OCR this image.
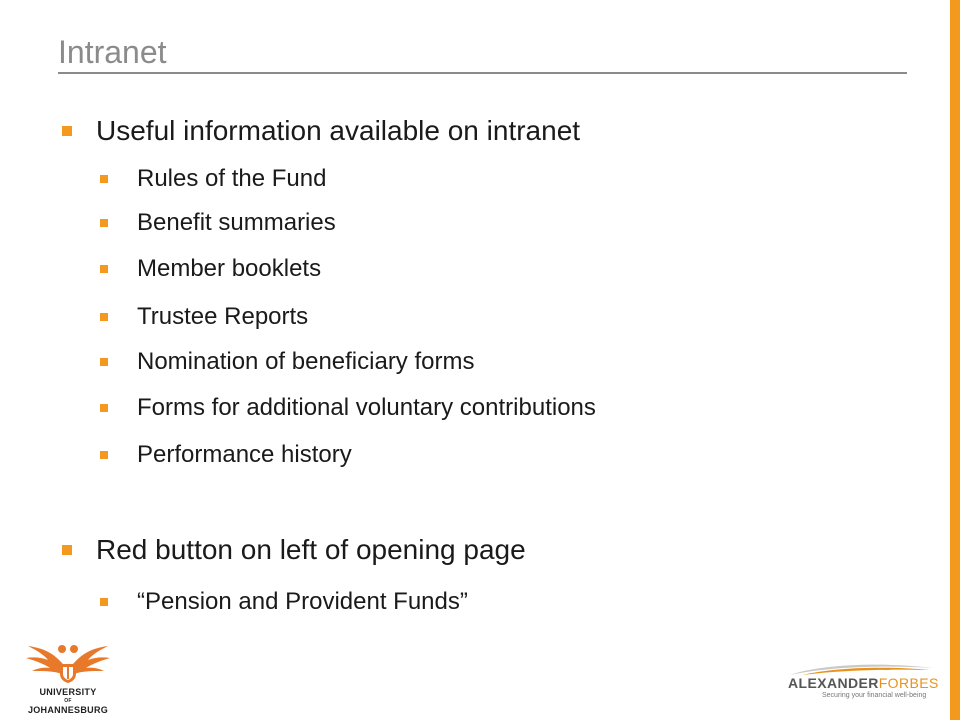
Intranet
Useful information available on intranet
Rules of the Fund
Benefit summaries
Member booklets
Trustee Reports
Nomination of beneficiary forms
Forms for additional voluntary contributions
Performance history
Red button on left of opening page
“Pension and Provident Funds”
UNIVERSITY
OF
JOHANNESBURG
ALEXANDERFORBES
Securing your financial well-being
